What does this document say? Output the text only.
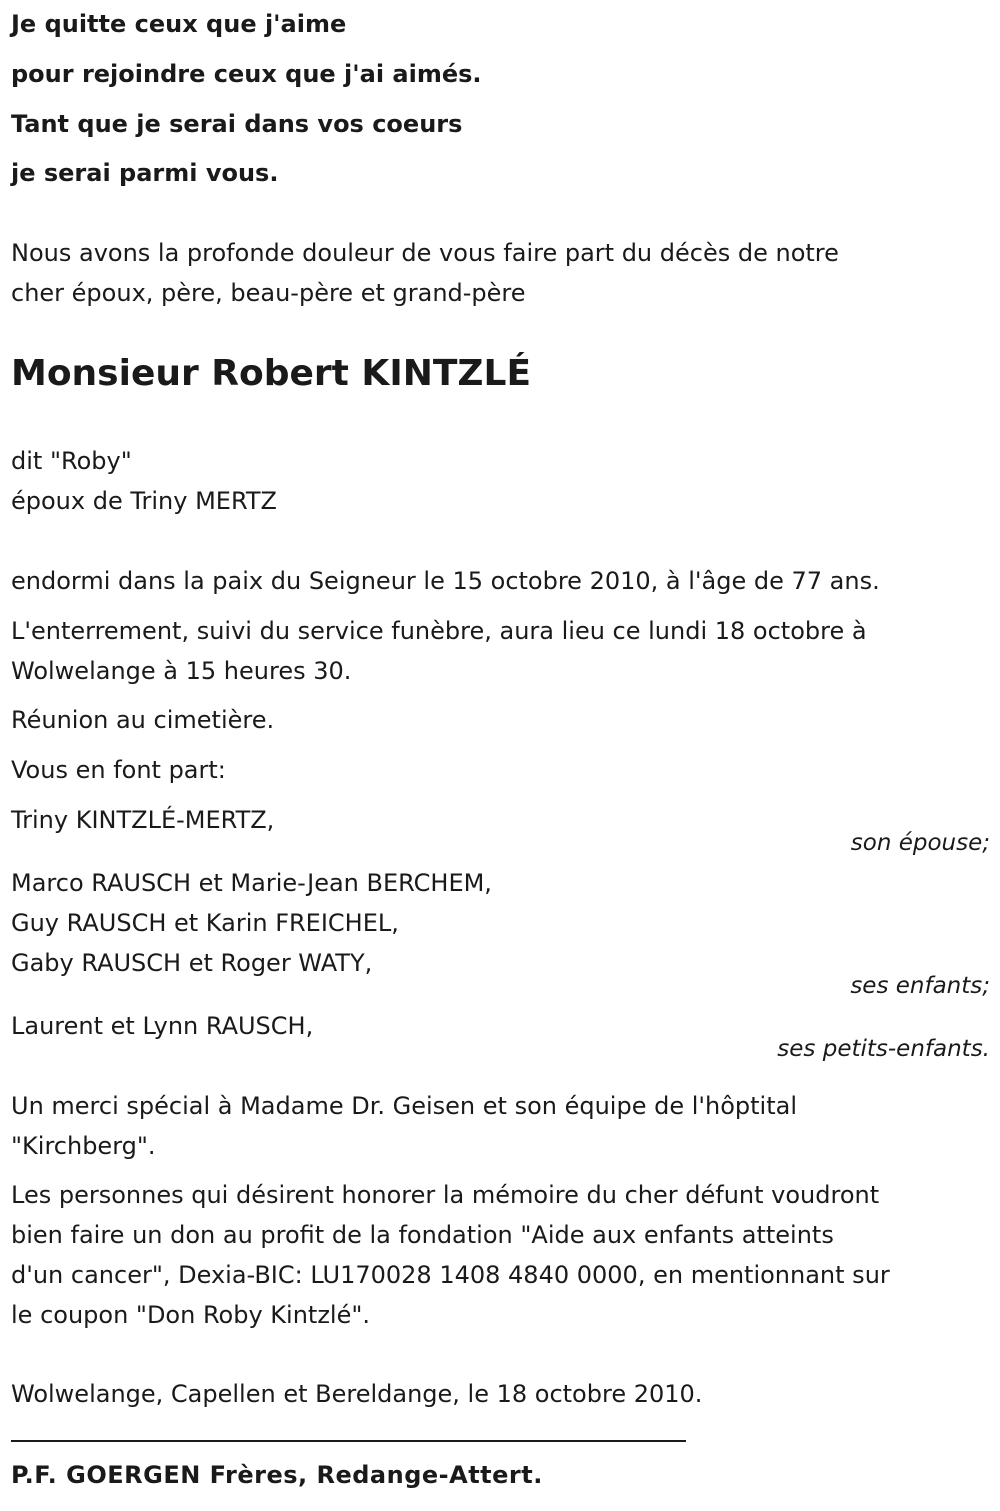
Je quitte ceux que j'aime
pour rejoindre ceux que j'ai aimés.
Tant que je serai dans vos coeurs
je serai parmi vous.
Nous avons la profonde douleur de vous faire part du décès de notre
cher époux, père, beau-père et grand-père
Monsieur Robert KINTZLÉ
dit "Roby"
époux de Triny MERTZ
endormi dans la paix du Seigneur le 15 octobre 2010, à l'âge de 77 ans.
L'enterrement, suivi du service funèbre, aura lieu ce lundi 18 octobre à
Wolwelange à 15 heures 30.
Réunion au cimetière.
Vous en font part:
Triny KINTZLÉ-MERTZ,
son épouse;
Marco RAUSCH et Marie-Jean BERCHEM,
Guy RAUSCH et Karin FREICHEL,
Gaby RAUSCH et Roger WATY,
ses enfants;
Laurent et Lynn RAUSCH,
ses petits-enfants.
Un merci spécial à Madame Dr. Geisen et son équipe de l'hôptital
"Kirchberg".
Les personnes qui désirent honorer la mémoire du cher défunt voudront
bien faire un don au profit de la fondation "Aide aux enfants atteints
d'un cancer", Dexia-BIC: LU170028 1408 4840 0000, en mentionnant sur
le coupon "Don Roby Kintzlé".
Wolwelange, Capellen et Bereldange, le 18 octobre 2010.
P.F. GOERGEN Frères, Redange-Attert.
